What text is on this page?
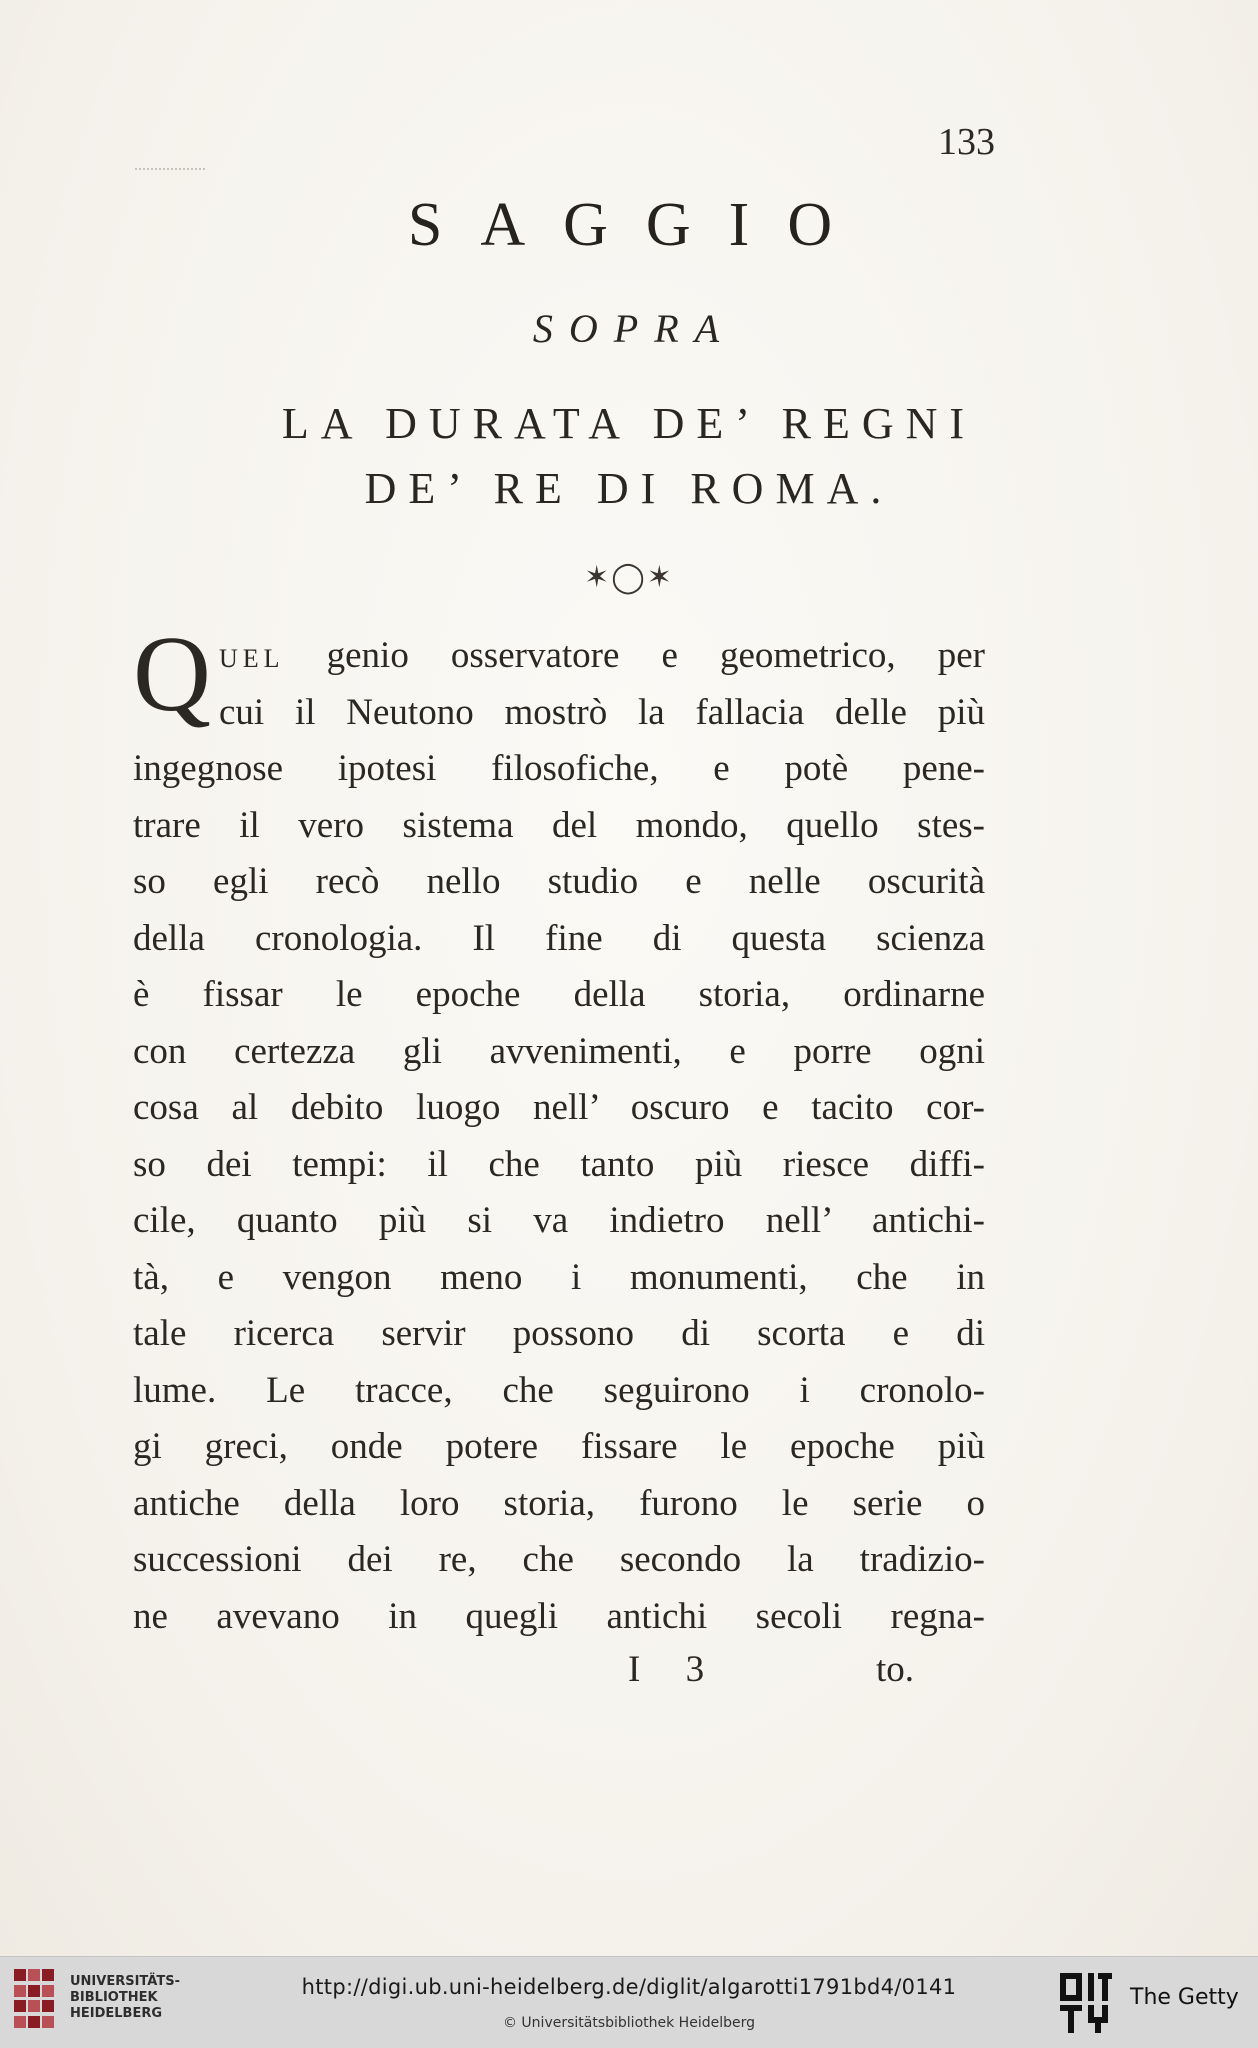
133
SAGGIO
SOPRA
LA DURATA DE’ REGNI
DE’ RE DI ROMA.
✶◯✶
Q UEL genio osservatore e geometrico, per
cui il Neutono mostrò la fallacia delle più
ingegnose ipotesi filosofiche, e potè pene-
trare il vero sistema del mondo, quello stes-
so egli recò nello studio e nelle oscurità
della cronologia. Il fine di questa scienza
è fissar le epoche della storia, ordinarne
con certezza gli avvenimenti, e porre ogni
cosa al debito luogo nell’ oscuro e tacito cor-
so dei tempi: il che tanto più riesce diffi-
cile, quanto più si va indietro nell’ antichi-
tà, e vengon meno i monumenti, che in
tale ricerca servir possono di scorta e di
lume. Le tracce, che seguirono i cronolo-
gi greci, onde potere fissare le epoche più
antiche della loro storia, furono le serie o
successioni dei re, che secondo la tradizio-
ne avevano in quegli antichi secoli regna-
I 3	to.
UNIVERSITÄTS- BIBLIOTHEK HEIDELBERG
http://digi.ub.uni-heidelberg.de/diglit/algarotti1791bd4/0141
© Universitätsbibliothek Heidelberg
The Getty
